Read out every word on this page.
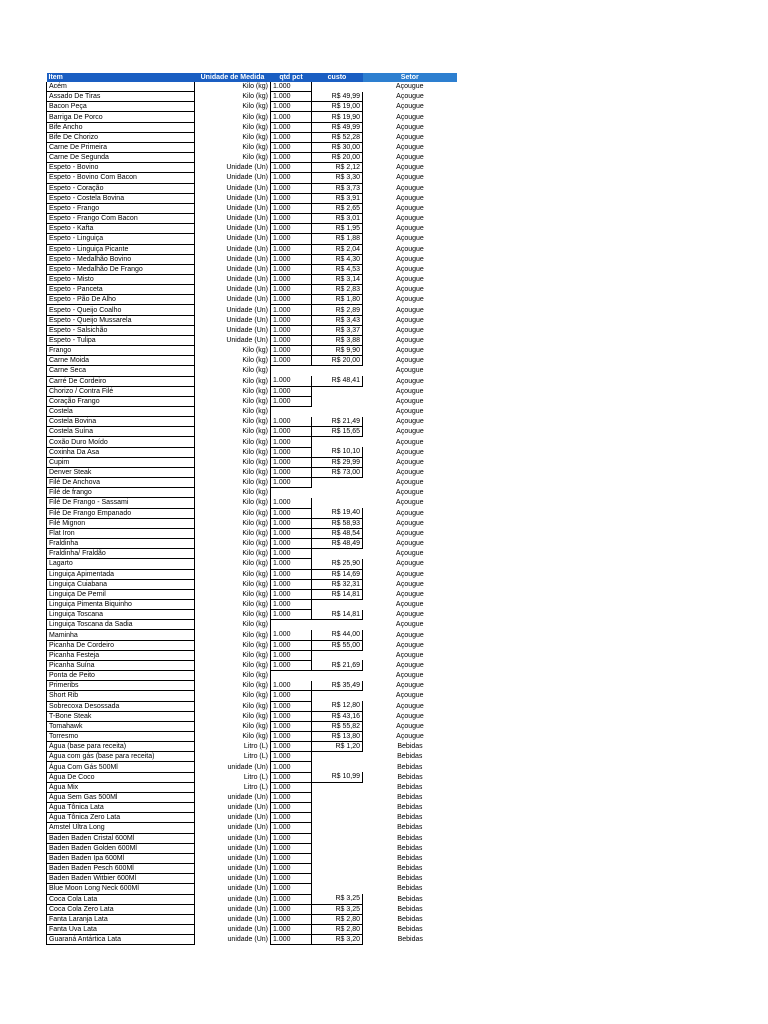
Item	Unidade de Medida	qtd pct	custo	Setor
Acém	Kilo (kg)	1.000		Açougue
Assado De Tiras	Kilo (kg)	1.000	R$ 49,99	Açougue
Bacon Peça	Kilo (kg)	1.000	R$ 19,00	Açougue
Barriga De Porco	Kilo (kg)	1.000	R$ 19,90	Açougue
Bife Ancho	Kilo (kg)	1.000	R$ 49,99	Açougue
Bife De Chorizo	Kilo (kg)	1.000	R$ 52,28	Açougue
Carne De Primeira	Kilo (kg)	1.000	R$ 30,00	Açougue
Carne De Segunda	Kilo (kg)	1.000	R$ 20,00	Açougue
Espeto - Bovino	Unidade (Un)	1.000	R$ 2,12	Açougue
Espeto - Bovino Com Bacon	Unidade (Un)	1.000	R$ 3,30	Açougue
Espeto - Coração	Unidade (Un)	1.000	R$ 3,73	Açougue
Espeto - Costela Bovina	Unidade (Un)	1.000	R$ 3,91	Açougue
Espeto - Frango	Unidade (Un)	1.000	R$ 2,65	Açougue
Espeto - Frango Com Bacon	Unidade (Un)	1.000	R$ 3,01	Açougue
Espeto - Kafta	Unidade (Un)	1.000	R$ 1,95	Açougue
Espeto - Linguiça	Unidade (Un)	1.000	R$ 1,88	Açougue
Espeto - Linguiça Picante	Unidade (Un)	1.000	R$ 2,04	Açougue
Espeto - Medalhão Bovino	Unidade (Un)	1.000	R$ 4,30	Açougue
Espeto - Medalhão De Frango	Unidade (Un)	1.000	R$ 4,53	Açougue
Espeto - Misto	Unidade (Un)	1.000	R$ 3,14	Açougue
Espeto - Panceta	Unidade (Un)	1.000	R$ 2,83	Açougue
Espeto - Pão De Alho	Unidade (Un)	1.000	R$ 1,80	Açougue
Espeto - Queijo Coalho	Unidade (Un)	1.000	R$ 2,89	Açougue
Espeto - Queijo Mussarela	Unidade (Un)	1.000	R$ 3,43	Açougue
Espeto - Salsichão	Unidade (Un)	1.000	R$ 3,37	Açougue
Espeto - Tulipa	Unidade (Un)	1.000	R$ 3,88	Açougue
Frango	Kilo (kg)	1.000	R$ 9,90	Açougue
Carne Moida	Kilo (kg)	1.000	R$ 20,00	Açougue
Carne Seca	Kilo (kg)			Açougue
Carré De Cordeiro	Kilo (kg)	1.000	R$ 48,41	Açougue
Chorizo / Contra Filé	Kilo (kg)	1.000		Açougue
Coração Frango	Kilo (kg)	1.000		Açougue
Costela	Kilo (kg)			Açougue
Costela Bovina	Kilo (kg)	1.000	R$ 21,49	Açougue
Costela Suína	Kilo (kg)	1.000	R$ 15,65	Açougue
Coxão Duro Moído	Kilo (kg)	1.000		Açougue
Coxinha Da Asa	Kilo (kg)	1.000	R$ 10,10	Açougue
Cupim	Kilo (kg)	1.000	R$ 29,99	Açougue
Denver Steak	Kilo (kg)	1.000	R$ 73,00	Açougue
Filé De Anchova	Kilo (kg)	1.000		Açougue
Filé de frango	Kilo (kg)			Açougue
Filé De Frango - Sassami	Kilo (kg)	1.000		Açougue
Filé De Frango Empanado	Kilo (kg)	1.000	R$ 19,40	Açougue
Filé Mignon	Kilo (kg)	1.000	R$ 58,93	Açougue
Flat Iron	Kilo (kg)	1.000	R$ 48,54	Açougue
Fraldinha	Kilo (kg)	1.000	R$ 48,49	Açougue
Fraldinha/ Fraldão	Kilo (kg)	1.000		Açougue
Lagarto	Kilo (kg)	1.000	R$ 25,90	Açougue
Linguiça Apimentada	Kilo (kg)	1.000	R$ 14,69	Açougue
Linguiça Cuiabana	Kilo (kg)	1.000	R$ 32,31	Açougue
Linguiça De Pernil	Kilo (kg)	1.000	R$ 14,81	Açougue
Linguiça Pimenta Biquinho	Kilo (kg)	1.000		Açougue
Linguiça Toscana	Kilo (kg)	1.000	R$ 14,81	Açougue
Linguiça Toscana da Sadia	Kilo (kg)			Açougue
Maminha	Kilo (kg)	1.000	R$ 44,00	Açougue
Picanha De Cordeiro	Kilo (kg)	1.000	R$ 55,00	Açougue
Picanha Festeja	Kilo (kg)	1.000		Açougue
Picanha Suína	Kilo (kg)	1.000	R$ 21,69	Açougue
Ponta de Peito	Kilo (kg)			Açougue
Primeribs	Kilo (kg)	1.000	R$ 35,49	Açougue
Short Rib	Kilo (kg)	1.000		Açougue
Sobrecoxa Desossada	Kilo (kg)	1.000	R$ 12,80	Açougue
T-Bone Steak	Kilo (kg)	1.000	R$ 43,16	Açougue
Tomahawk	Kilo (kg)	1.000	R$ 55,82	Açougue
Torresmo	Kilo (kg)	1.000	R$ 13,80	Açougue
Água (base para receita)	Litro (L)	1.000	R$ 1,20	Bebidas
Água com gás (base para receita)	Litro (L)	1.000		Bebidas
Água Com Gás 500Ml	unidade (Un)	1.000		Bebidas
Água De Coco	Litro (L)	1.000	R$ 10,99	Bebidas
Água Mix	Litro (L)	1.000		Bebidas
Água Sem Gas 500Ml	unidade (Un)	1.000		Bebidas
Água Tônica Lata	unidade (Un)	1.000		Bebidas
Água Tônica Zero Lata	unidade (Un)	1.000		Bebidas
Amstel Ultra Long	unidade (Un)	1.000		Bebidas
Baden Baden Cristal 600Ml	unidade (Un)	1.000		Bebidas
Baden Baden Golden 600Ml	unidade (Un)	1.000		Bebidas
Baden Baden Ipa 600Ml	unidade (Un)	1.000		Bebidas
Baden Baden Pesch 600Ml	unidade (Un)	1.000		Bebidas
Baden Baden Witbier 600Ml	unidade (Un)	1.000		Bebidas
Blue Moon Long Neck 600Ml	unidade (Un)	1.000		Bebidas
Coca Cola Lata	unidade (Un)	1.000	R$ 3,25	Bebidas
Coca Cola Zero Lata	unidade (Un)	1.000	R$ 3,25	Bebidas
Fanta Laranja Lata	unidade (Un)	1.000	R$ 2,80	Bebidas
Fanta Uva Lata	unidade (Un)	1.000	R$ 2,80	Bebidas
Guaraná Antártica Lata	unidade (Un)	1.000	R$ 3,20	Bebidas
